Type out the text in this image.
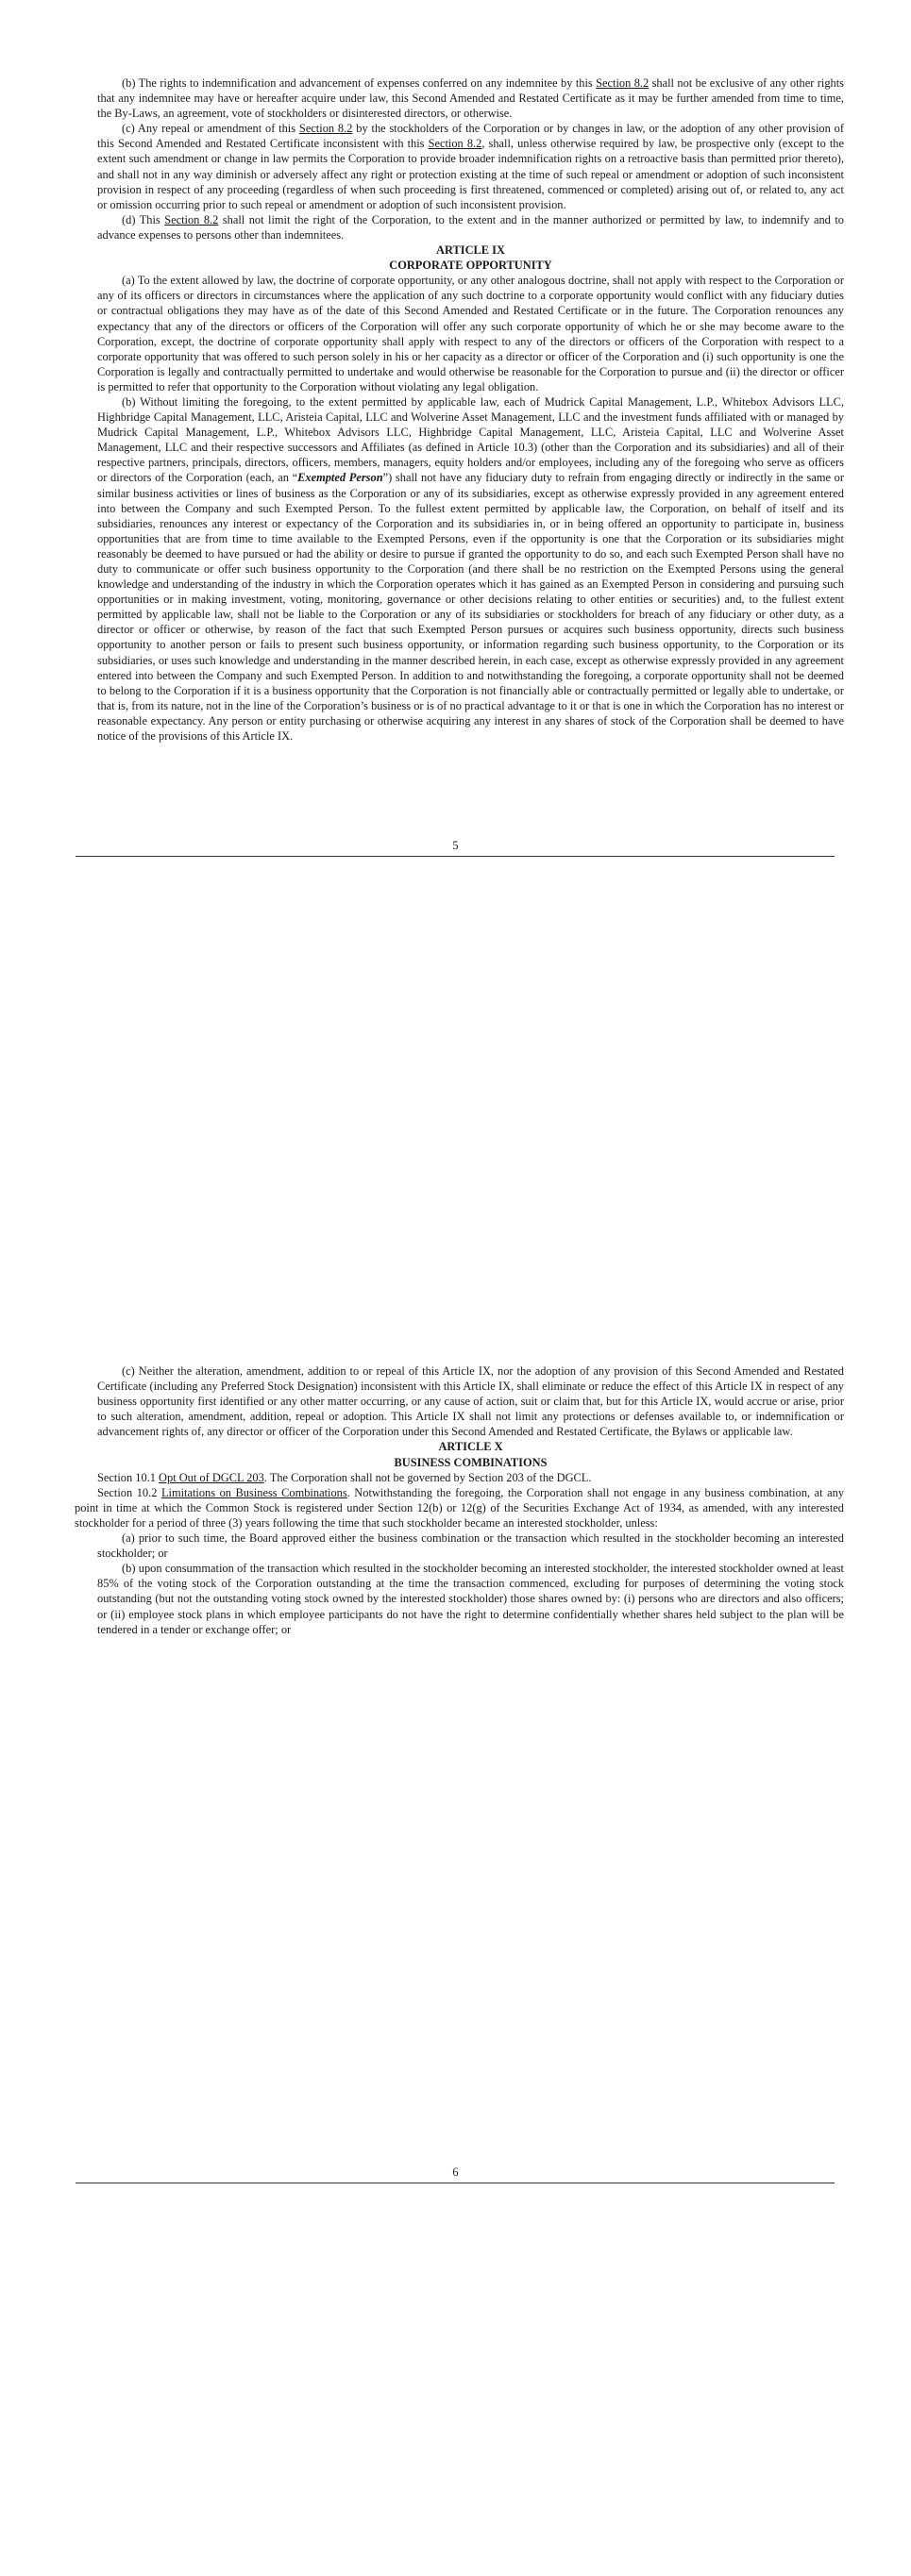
(b) The rights to indemnification and advancement of expenses conferred on any indemnitee by this Section 8.2 shall not be exclusive of any other rights that any indemnitee may have or hereafter acquire under law, this Second Amended and Restated Certificate as it may be further amended from time to time, the By-Laws, an agreement, vote of stockholders or disinterested directors, or otherwise.

(c) Any repeal or amendment of this Section 8.2 by the stockholders of the Corporation or by changes in law, or the adoption of any other provision of this Second Amended and Restated Certificate inconsistent with this Section 8.2, shall, unless otherwise required by law, be prospective only (except to the extent such amendment or change in law permits the Corporation to provide broader indemnification rights on a retroactive basis than permitted prior thereto), and shall not in any way diminish or adversely affect any right or protection existing at the time of such repeal or amendment or adoption of such inconsistent provision in respect of any proceeding (regardless of when such proceeding is first threatened, commenced or completed) arising out of, or related to, any act or omission occurring prior to such repeal or amendment or adoption of such inconsistent provision.

(d) This Section 8.2 shall not limit the right of the Corporation, to the extent and in the manner authorized or permitted by law, to indemnify and to advance expenses to persons other than indemnitees.

ARTICLE IX

CORPORATE OPPORTUNITY

(a) To the extent allowed by law, the doctrine of corporate opportunity, or any other analogous doctrine, shall not apply with respect to the Corporation or any of its officers or directors in circumstances where the application of any such doctrine to a corporate opportunity would conflict with any fiduciary duties or contractual obligations they may have as of the date of this Second Amended and Restated Certificate or in the future. The Corporation renounces any expectancy that any of the directors or officers of the Corporation will offer any such corporate opportunity of which he or she may become aware to the Corporation, except, the doctrine of corporate opportunity shall apply with respect to any of the directors or officers of the Corporation with respect to a corporate opportunity that was offered to such person solely in his or her capacity as a director or officer of the Corporation and (i) such opportunity is one the Corporation is legally and contractually permitted to undertake and would otherwise be reasonable for the Corporation to pursue and (ii) the director or officer is permitted to refer that opportunity to the Corporation without violating any legal obligation.

(b) Without limiting the foregoing, to the extent permitted by applicable law, each of Mudrick Capital Management, L.P., Whitebox Advisors LLC, Highbridge Capital Management, LLC, Aristeia Capital, LLC and Wolverine Asset Management, LLC and the investment funds affiliated with or managed by Mudrick Capital Management, L.P., Whitebox Advisors LLC, Highbridge Capital Management, LLC, Aristeia Capital, LLC and Wolverine Asset Management, LLC and their respective successors and Affiliates (as defined in Article 10.3) (other than the Corporation and its subsidiaries) and all of their respective partners, principals, directors, officers, members, managers, equity holders and/or employees, including any of the foregoing who serve as officers or directors of the Corporation (each, an “Exempted Person”) shall not have any fiduciary duty to refrain from engaging directly or indirectly in the same or similar business activities or lines of business as the Corporation or any of its subsidiaries, except as otherwise expressly provided in any agreement entered into between the Company and such Exempted Person. To the fullest extent permitted by applicable law, the Corporation, on behalf of itself and its subsidiaries, renounces any interest or expectancy of the Corporation and its subsidiaries in, or in being offered an opportunity to participate in, business opportunities that are from time to time available to the Exempted Persons, even if the opportunity is one that the Corporation or its subsidiaries might reasonably be deemed to have pursued or had the ability or desire to pursue if granted the opportunity to do so, and each such Exempted Person shall have no duty to communicate or offer such business opportunity to the Corporation (and there shall be no restriction on the Exempted Persons using the general knowledge and understanding of the industry in which the Corporation operates which it has gained as an Exempted Person in considering and pursuing such opportunities or in making investment, voting, monitoring, governance or other decisions relating to other entities or securities) and, to the fullest extent permitted by applicable law, shall not be liable to the Corporation or any of its subsidiaries or stockholders for breach of any fiduciary or other duty, as a director or officer or otherwise, by reason of the fact that such Exempted Person pursues or acquires such business opportunity, directs such business opportunity to another person or fails to present such business opportunity, or information regarding such business opportunity, to the Corporation or its subsidiaries, or uses such knowledge and understanding in the manner described herein, in each case, except as otherwise expressly provided in any agreement entered into between the Company and such Exempted Person. In addition to and notwithstanding the foregoing, a corporate opportunity shall not be deemed to belong to the Corporation if it is a business opportunity that the Corporation is not financially able or contractually permitted or legally able to undertake, or that is, from its nature, not in the line of the Corporation’s business or is of no practical advantage to it or that is one in which the Corporation has no interest or reasonable expectancy. Any person or entity purchasing or otherwise acquiring any interest in any shares of stock of the Corporation shall be deemed to have notice of the provisions of this Article IX.

5

(c) Neither the alteration, amendment, addition to or repeal of this Article IX, nor the adoption of any provision of this Second Amended and Restated Certificate (including any Preferred Stock Designation) inconsistent with this Article IX, shall eliminate or reduce the effect of this Article IX in respect of any business opportunity first identified or any other matter occurring, or any cause of action, suit or claim that, but for this Article IX, would accrue or arise, prior to such alteration, amendment, addition, repeal or adoption. This Article IX shall not limit any protections or defenses available to, or indemnification or advancement rights of, any director or officer of the Corporation under this Second Amended and Restated Certificate, the Bylaws or applicable law.

ARTICLE X

BUSINESS COMBINATIONS

Section 10.1 Opt Out of DGCL 203. The Corporation shall not be governed by Section 203 of the DGCL.

Section 10.2 Limitations on Business Combinations. Notwithstanding the foregoing, the Corporation shall not engage in any business combination, at any point in time at which the Common Stock is registered under Section 12(b) or 12(g) of the Securities Exchange Act of 1934, as amended, with any interested stockholder for a period of three (3) years following the time that such stockholder became an interested stockholder, unless:

(a) prior to such time, the Board approved either the business combination or the transaction which resulted in the stockholder becoming an interested stockholder; or

(b) upon consummation of the transaction which resulted in the stockholder becoming an interested stockholder, the interested stockholder owned at least 85% of the voting stock of the Corporation outstanding at the time the transaction commenced, excluding for purposes of determining the voting stock outstanding (but not the outstanding voting stock owned by the interested stockholder) those shares owned by: (i) persons who are directors and also officers; or (ii) employee stock plans in which employee participants do not have the right to determine confidentially whether shares held subject to the plan will be tendered in a tender or exchange offer; or

6
